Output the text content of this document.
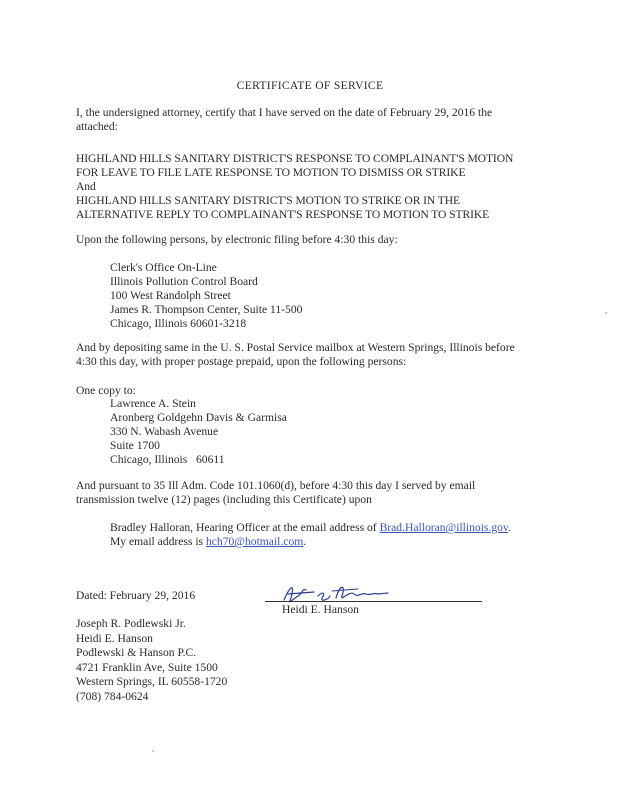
CERTIFICATE OF SERVICE
I, the undersigned attorney, certify that I have served on the date of February 29, 2016 the
attached:
HIGHLAND HILLS SANITARY DISTRICT'S RESPONSE TO COMPLAINANT'S MOTION
FOR LEAVE TO FILE LATE RESPONSE TO MOTION TO DISMISS OR STRIKE
And
HIGHLAND HILLS SANITARY DISTRICT'S MOTION TO STRIKE OR IN THE
ALTERNATIVE REPLY TO COMPLAINANT'S RESPONSE TO MOTION TO STRIKE
Upon the following persons, by electronic filing before 4:30 this day:
Clerk's Office On-Line
Illinois Pollution Control Board
100 West Randolph Street
James R. Thompson Center, Suite 11-500
Chicago, Illinois 60601-3218
And by depositing same in the U. S. Postal Service mailbox at Western Springs, Illinois before
4:30 this day, with proper postage prepaid, upon the following persons:
One copy to:
Lawrence A. Stein
Aronberg Goldgehn Davis & Garmisa
330 N. Wabash Avenue
Suite 1700
Chicago, Illinois   60611
And pursuant to 35 Ill Adm. Code 101.1060(d), before 4:30 this day I served by email
transmission twelve (12) pages (including this Certificate) upon
Bradley Halloran, Hearing Officer at the email address of Brad.Halloran@illinois.gov.
My email address is hch70@hotmail.com.
Dated: February 29, 2016
Heidi E. Hanson
Joseph R. Podlewski Jr.
Heidi E. Hanson
Podlewski & Hanson P.C.
4721 Franklin Ave, Suite 1500
Western Springs, IL 60558-1720
(708) 784-0624
